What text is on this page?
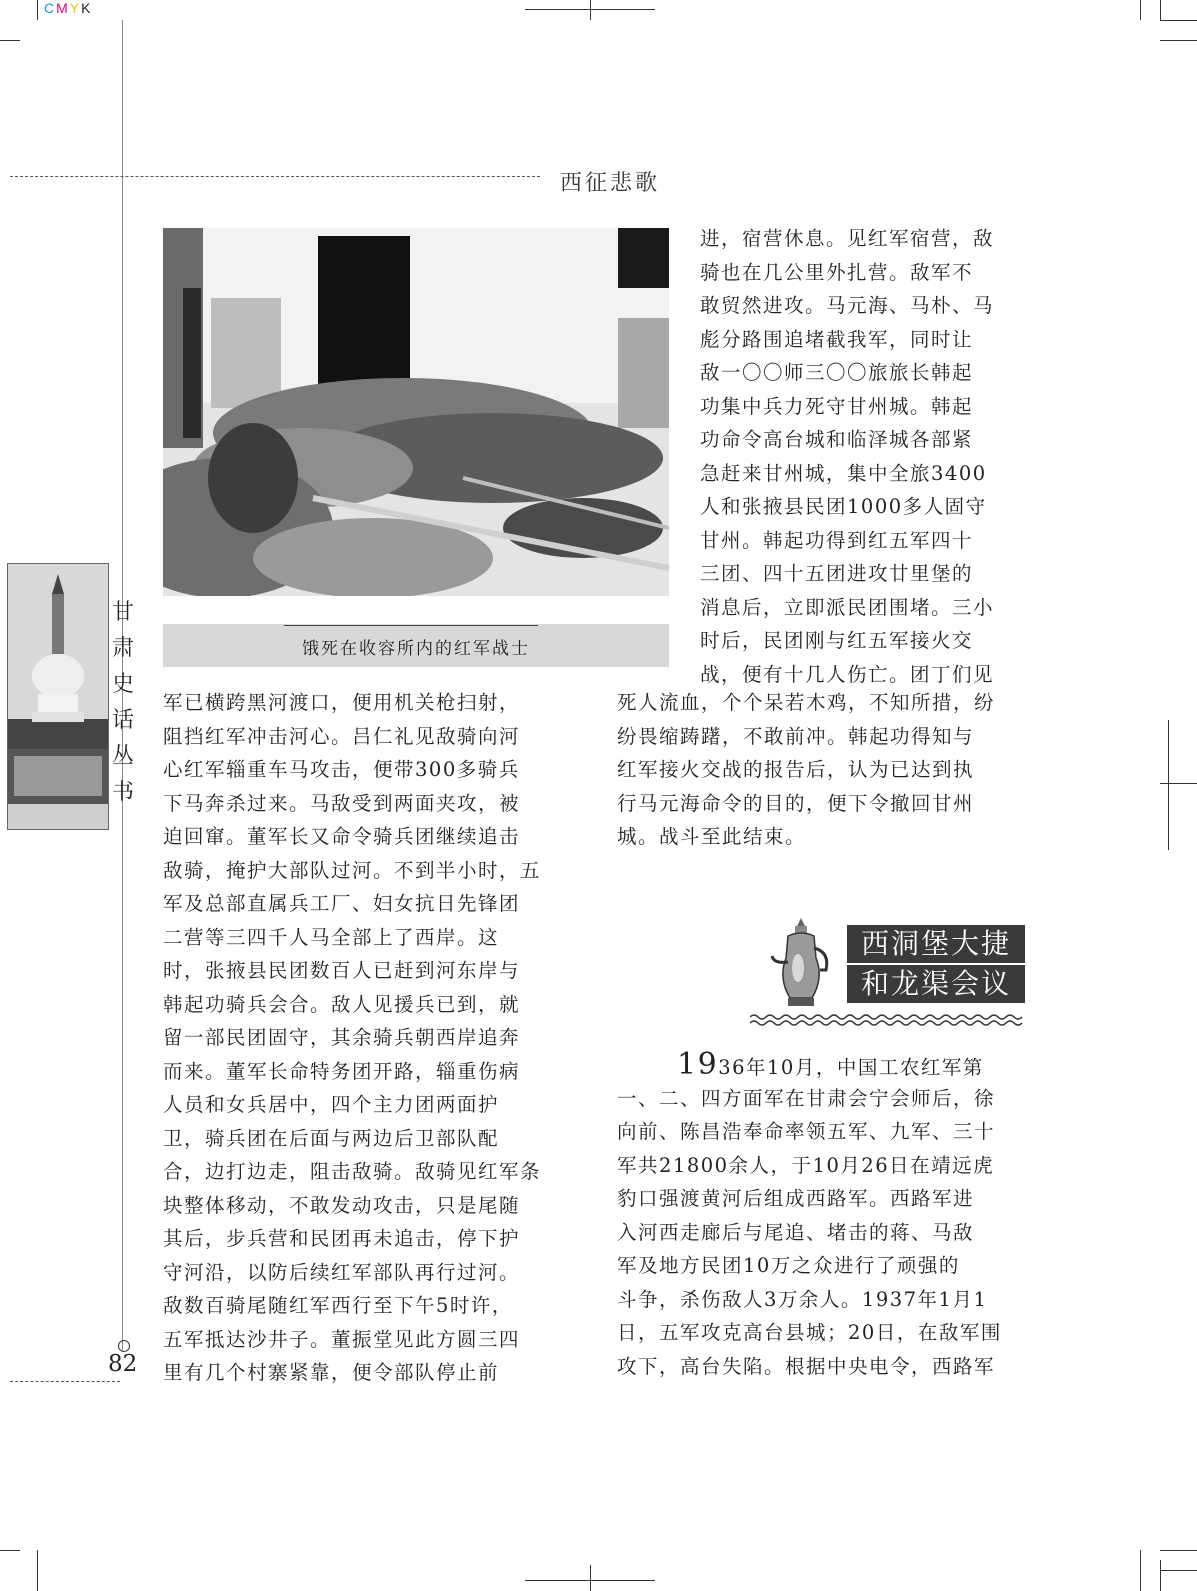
CMYK
西征悲歌
饿死在收容所内的红军战士
甘
肃
史
话
丛
书
82
进，宿营休息。见红军宿营，敌
骑也在几公里外扎营。敌军不
敢贸然进攻。马元海、马朴、马
彪分路围追堵截我军，同时让
敌一〇〇师三〇〇旅旅长韩起
功集中兵力死守甘州城。韩起
功命令高台城和临泽城各部紧
急赶来甘州城，集中全旅3400
人和张掖县民团1000多人固守
甘州。韩起功得到红五军四十
三团、四十五团进攻廿里堡的
消息后，立即派民团围堵。三小
时后，民团刚与红五军接火交
战，便有十几人伤亡。团丁们见
死人流血，个个呆若木鸡，不知所措，纷
纷畏缩踌躇，不敢前冲。韩起功得知与
红军接火交战的报告后，认为已达到执
行马元海命令的目的，便下令撤回甘州
城。战斗至此结束。
军已横跨黑河渡口，便用机关枪扫射，
阻挡红军冲击河心。吕仁礼见敌骑向河
心红军辎重车马攻击，便带300多骑兵
下马奔杀过来。马敌受到两面夹攻，被
迫回窜。董军长又命令骑兵团继续追击
敌骑，掩护大部队过河。不到半小时，五
军及总部直属兵工厂、妇女抗日先锋团
二营等三四千人马全部上了西岸。这
时，张掖县民团数百人已赶到河东岸与
韩起功骑兵会合。敌人见援兵已到，就
留一部民团固守，其余骑兵朝西岸追奔
而来。董军长命特务团开路，辎重伤病
人员和女兵居中，四个主力团两面护
卫，骑兵团在后面与两边后卫部队配
合，边打边走，阻击敌骑。敌骑见红军条
块整体移动，不敢发动攻击，只是尾随
其后，步兵营和民团再未追击，停下护
守河沿，以防后续红军部队再行过河。
敌数百骑尾随红军西行至下午5时许，
五军抵达沙井子。董振堂见此方圆三四
里有几个村寨紧靠，便令部队停止前
西洞堡大捷
和龙渠会议
1936年10月，中国工农红军第
一、二、四方面军在甘肃会宁会师后，徐
向前、陈昌浩奉命率领五军、九军、三十
军共21800余人，于10月26日在靖远虎
豹口强渡黄河后组成西路军。西路军进
入河西走廊后与尾追、堵击的蒋、马敌
军及地方民团10万之众进行了顽强的
斗争，杀伤敌人3万余人。1937年1月1
日，五军攻克高台县城；20日，在敌军围
攻下，高台失陷。根据中央电令，西路军
